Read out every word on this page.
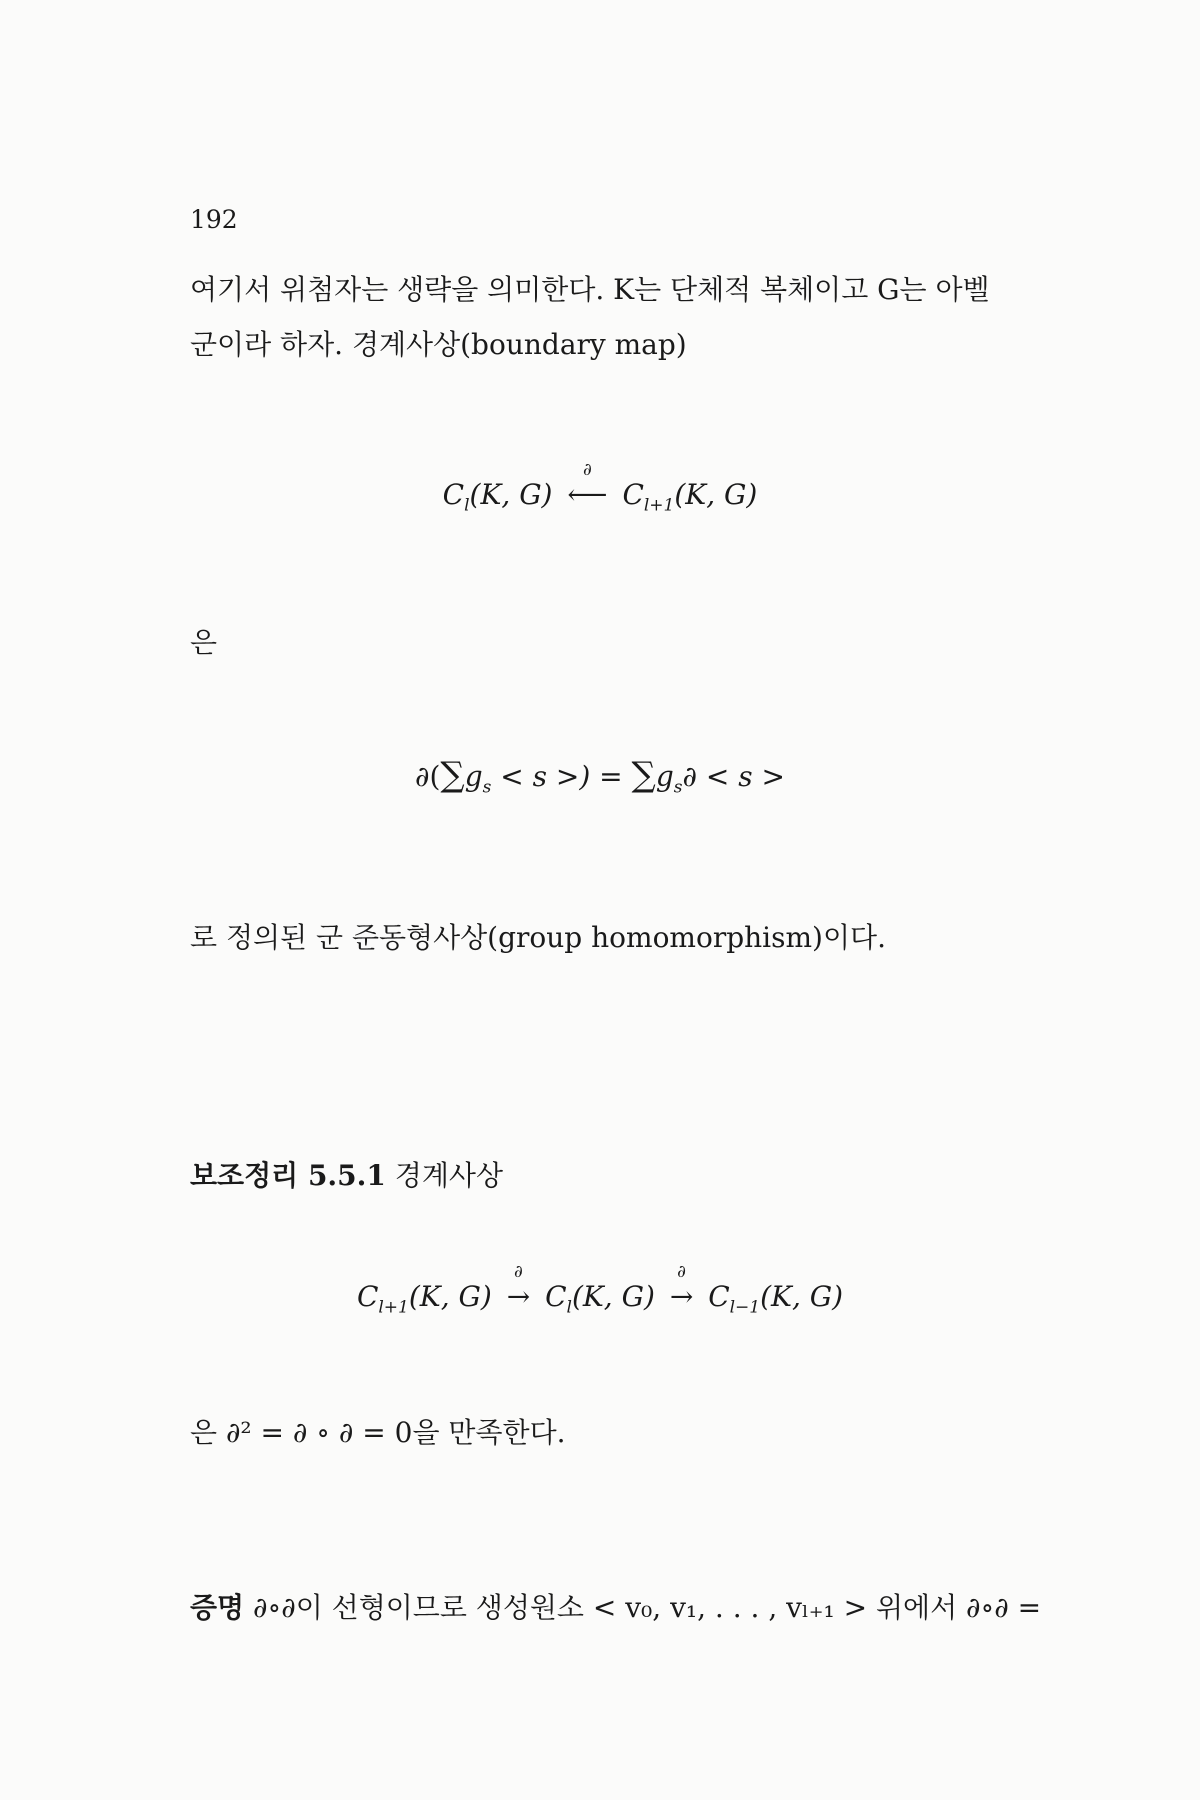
192
여기서 위첨자는 생략을 의미한다. K는 단체적 복체이고 G는 아벨
군이라 하자. 경계사상(boundary map)
$C_l(K$, G)
∂
⟵ $C_{l+1}(K$, G)
은
$\partial(\sum g_s < s$ >) = $\sum g_s\partial < s$ >
로 정의된 군 준동형사상(group homomorphism)이다.
보조정리 5.5.1 경계사상
$C_{l+1}(K$, G)
∂
→ $C_l(K$, G)
∂
→ $C_{l-1}(K$, G)
은 ∂² = ∂ ∘ ∂ = 0을 만족한다.
증명 ∂∘∂이 선형이므로 생성원소 < v₀, v₁, . . . , vₗ₊₁ > 위에서 ∂∘∂ =
